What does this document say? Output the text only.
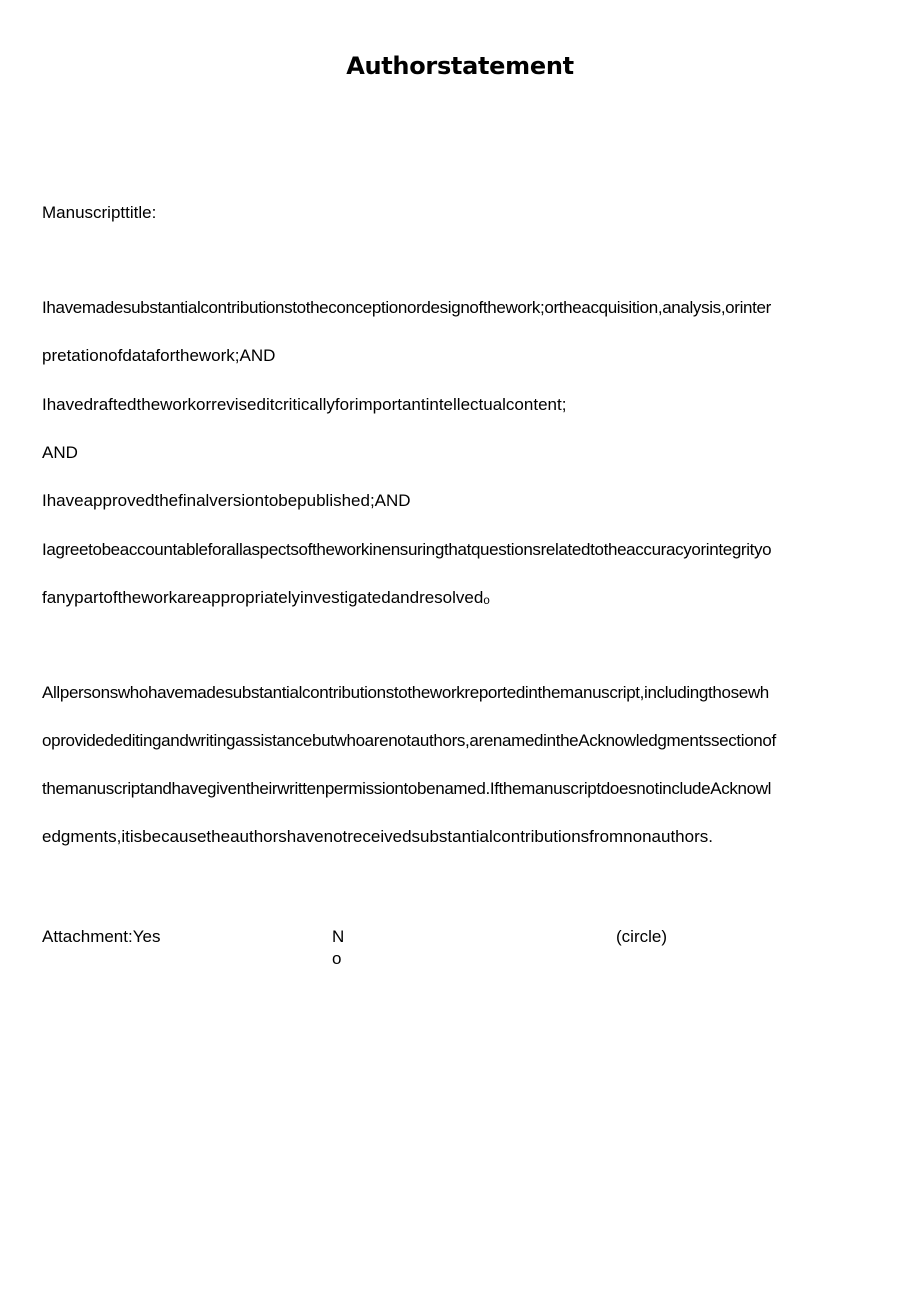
Authorstatement
Manuscripttitle:
Ihavemadesubstantialcontributionstotheconceptionordesignofthework;ortheacquisition,analysis,orinter
pretationofdataforthework;AND
Ihavedraftedtheworkorreviseditcriticallyforimportantintellectualcontent;
AND
Ihaveapprovedthefinalversiontobepublished;AND
Iagreetobeaccountableforallaspectsoftheworkinensuringthatquestionsrelatedtotheaccuracyorintegrityo
fanypartoftheworkareappropriatelyinvestigatedandresolvedₒ
Allpersonswhohavemadesubstantialcontributionstotheworkreportedinthemanuscript,includingthosewh
oprovidededitingandwritingassistancebutwhoarenotauthors,arenamedintheAcknowledgmentssectionof
themanuscriptandhavegiventheirwrittenpermissiontobenamed.IfthemanuscriptdoesnotincludeAcknowl
edgments,itisbecausetheauthorshavenotreceivedsubstantialcontributionsfromnonauthors.
Attachment:Yes	No
(circle)
